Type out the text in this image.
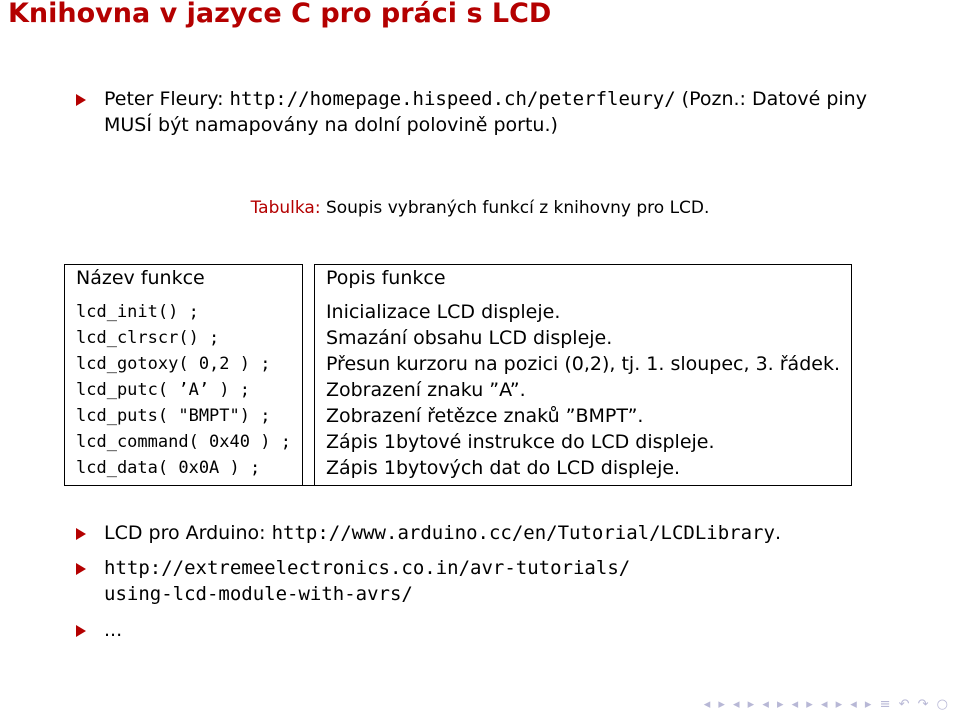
Knihovna v jazyce C pro práci s LCD
Peter Fleury: http://homepage.hispeed.ch/peterfleury/ (Pozn.: Datové piny
MUSÍ být namapovány na dolní polovině portu.)
Tabulka: Soupis vybraných funkcí z knihovny pro LCD.
Název funkce		Popis funkce
lcd_init() ;		Inicializace LCD displeje.
lcd_clrscr() ;		Smazání obsahu LCD displeje.
lcd_gotoxy( 0,2 ) ;		Přesun kurzoru na pozici (0,2), tj. 1. sloupec, 3. řádek.
lcd_putc( ’A’ ) ;		Zobrazení znaku ”A”.
lcd_puts( "BMPT") ;		Zobrazení řetězce znaků ”BMPT”.
lcd_command( 0x40 ) ;		Zápis 1bytové instrukce do LCD displeje.
lcd_data( 0x0A ) ;		Zápis 1bytových dat do LCD displeje.
LCD pro Arduino: http://www.arduino.cc/en/Tutorial/LCDLibrary.
http://extremeelectronics.co.in/avr-tutorials/
using-lcd-module-with-avrs/
...
◂ ▸ ◂ ▸ ◂ ▸ ◂ ▸ ◂ ▸ ◂ ▸ ≡ ↶ ↷ ○
